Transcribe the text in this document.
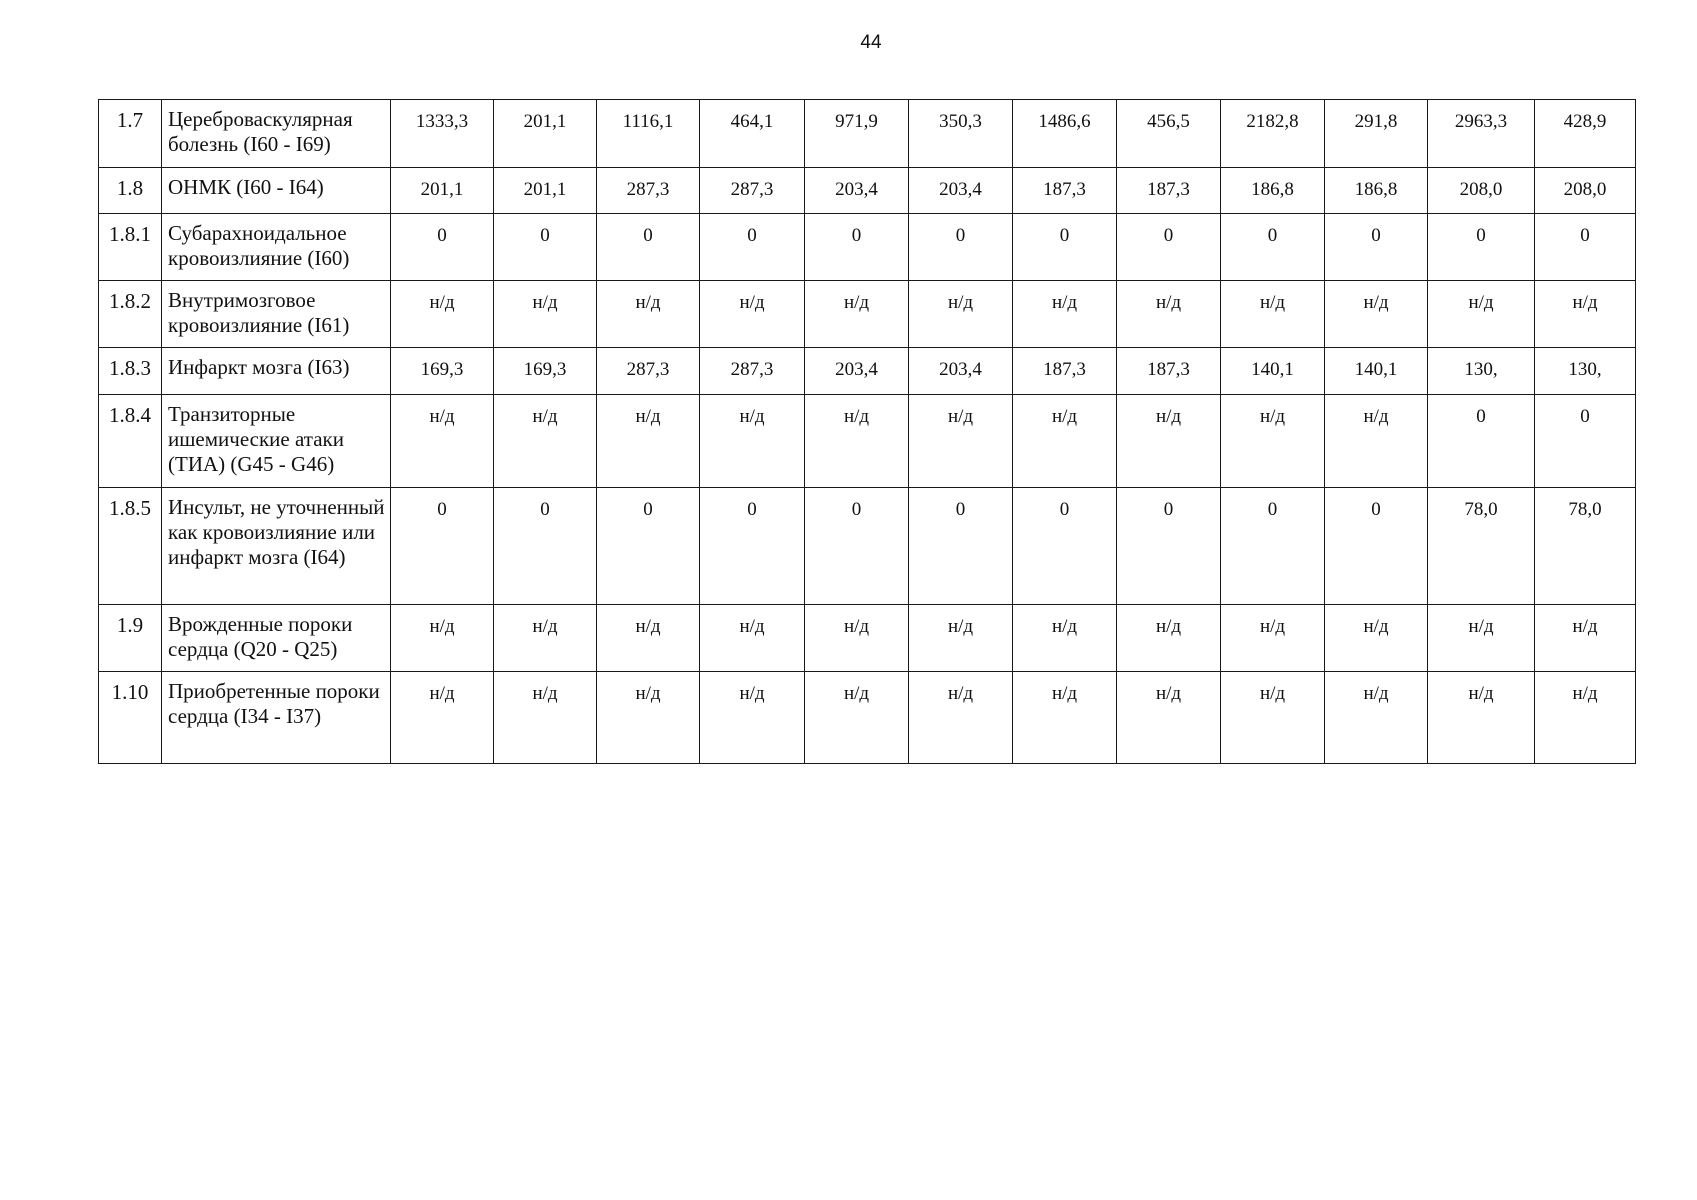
44
1.7	Цереброваскулярная болезнь (I60 - I69)	1333,3	201,1	1116,1	464,1	971,9	350,3	1486,6	456,5	2182,8	291,8	2963,3	428,9
1.8	ОНМК (I60 - I64)	201,1	201,1	287,3	287,3	203,4	203,4	187,3	187,3	186,8	186,8	208,0	208,0
1.8.1	Субарахноидальное кровоизлияние (I60)	0	0	0	0	0	0	0	0	0	0	0	0
1.8.2	Внутримозговое кровоизлияние (I61)	н/д	н/д	н/д	н/д	н/д	н/д	н/д	н/д	н/д	н/д	н/д	н/д
1.8.3	Инфаркт мозга (I63)	169,3	169,3	287,3	287,3	203,4	203,4	187,3	187,3	140,1	140,1	130,	130,
1.8.4	Транзиторные ишемические атаки (ТИА) (G45 - G46)	н/д	н/д	н/д	н/д	н/д	н/д	н/д	н/д	н/д	н/д	0	0
1.8.5	Инсульт, не уточненный как кровоизлияние или инфаркт мозга (I64)	0	0	0	0	0	0	0	0	0	0	78,0	78,0
1.9	Врожденные пороки сердца (Q20 - Q25)	н/д	н/д	н/д	н/д	н/д	н/д	н/д	н/д	н/д	н/д	н/д	н/д
1.10	Приобретенные пороки сердца (I34 - I37)	н/д	н/д	н/д	н/д	н/д	н/д	н/д	н/д	н/д	н/д	н/д	н/д
